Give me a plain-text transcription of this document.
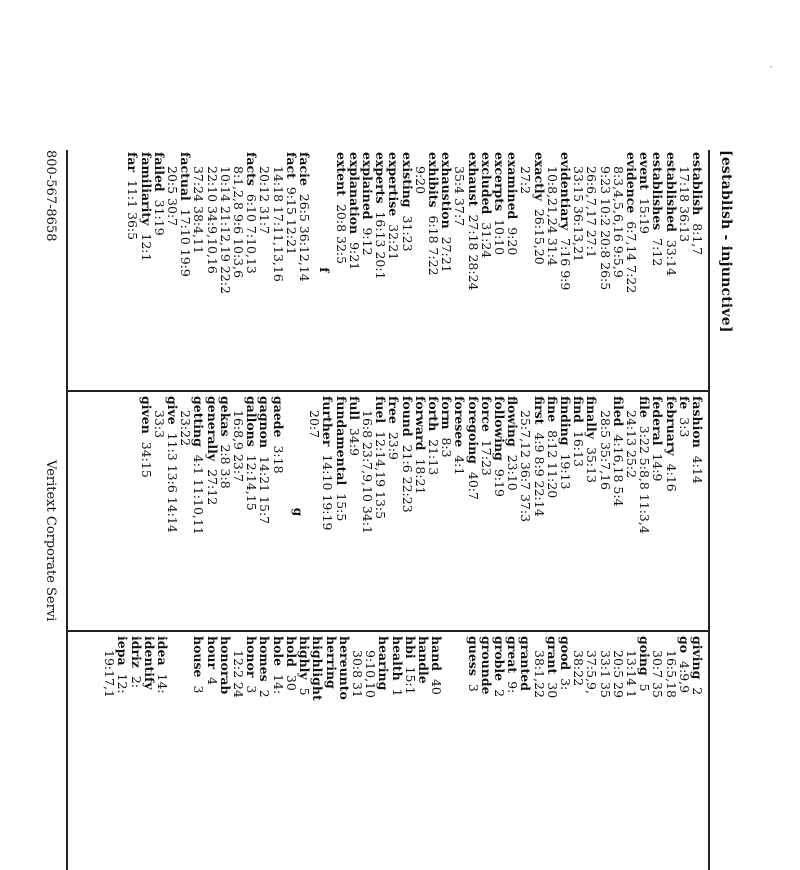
[establish - injunctive]
establish  8:1,7
17:18 36:13
established  33:14
establishes  7:12
event  15:19
evidence  6:7,14 7:22
8:3,4,5,6,16 9:5,9
9:23 10:2 20:8 26:5
26:6,7,17 27:1
33:15 36:13,21
evidentiary  7:16 9:9
10:8,21,24 31:4
exactly  26:15,20
27:2
examined  9:20
excerpts  10:10
excluded  31:24
exhaust  27:18 28:24
35:4 37:7
exhaustion  27:21
exhibits  6:18 7:22
9:20
existing  31:23
expertise  32:21
experts  16:13 20:1
explained  9:12
explanation  9:21
extent  20:8 32:5
f
facie  26:5 36:12,14
fact  9:15 12:21
14:18 17:11,13,16
20:12 31:7
facts  6:10 7:10,13
8:1,2,8 9:6 10:3,6
10:14 21:12,19 22:2
22:10 34:9,10,16
37:24 38:4,11
factual  17:10 19:9
20:5 30:7
failed  31:19
familiarity  12:1
far  11:1 36:5
fashion  4:14
fe  3:3
february  4:16
federal  14:9
file  3:22 5:8,8 11:3,4
24:13 25:2
filed  4:16,18 5:4
28:5 35:7,16
finally  35:13
find  16:13
finding  19:13
fine  8:12 11:20
first  4:9 8:9 22:14
25:7,12 36:7 37:3
flowing  23:10
following  9:19
force  17:23
foregoing  40:7
foresee  4:1
form  8:3
forth  21:13
forward  18:21
found  21:6 22:23
free  23:9
fuel  12:14,19 13:5
16:8 23:7,9,10 34:1
full  34:9
fundamental  15:5
further  14:10 19:19
20:7
g
gaede  3:18
gagnon  14:21 15:7
gallons  12:14,15
16:8,9 23:7
gekas  2:8 3:8
generally  27:12
getting  4:1 11:10,11
23:22
give  11:3 13:6 14:14
33:3
given  34:15
giving  2
go  4:9,9
16:5,18
30:7 35
going  5
13:14 1
20:5 29
33:1 35
37:5,9,
38:22
good  3:
grant  30
38:1,22
granted
great  9:
groble  2
grounde
guess  3

hand  40
handle
hbi  15:1
health  1
hearing
9:10,10
30:8 31
hereunto
herring
highlight
highly  5
hold  30
hole  14:
homes  2
honor  3
12:2 24
honorab
hour  4
house  3

idea  14:
identify
idriz  2:
iepa  12:
19:17,1
800-567-8658
Veritext Corporate Servi
